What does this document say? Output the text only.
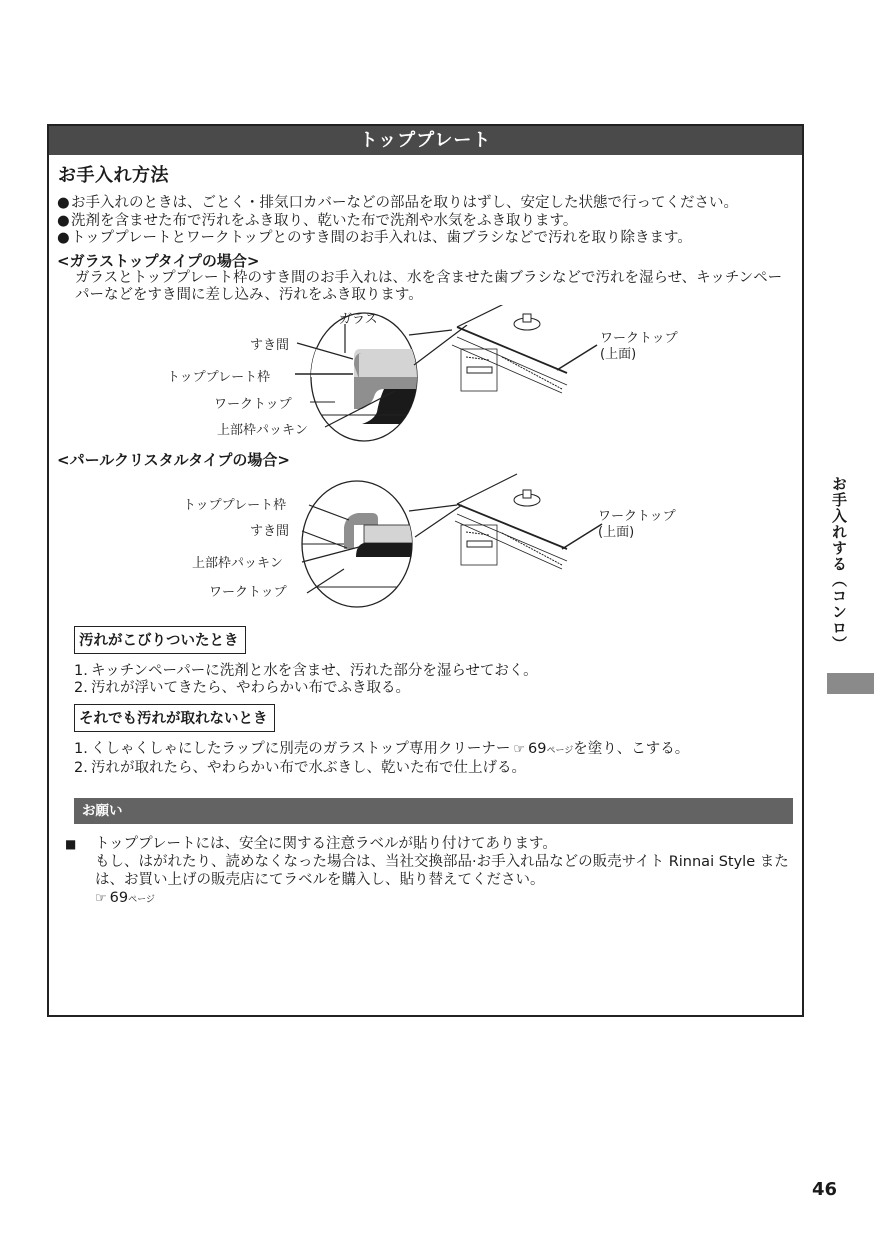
トッププレート
お手入れ方法

● お手入れのときは、ごとく・排気口カバーなどの部品を取りはずし、安定した状態で行ってください。

● 洗剤を含ませた布で汚れをふき取り、乾いた布で洗剤や水気をふき取ります。

● トッププレートとワークトップとのすき間のお手入れは、歯ブラシなどで汚れを取り除きます。

<ガラストップタイプの場合>
ガラスとトッププレート枠のすき間のお手入れは、水を含ませた歯ブラシなどで汚れを湿らせ、キッチンペーパーなどをすき間に差し込み、汚れをふき取ります。
ガラス
すき間
トッププレート枠
ワークトップ
上部枠パッキン
ワークトップ
(上面)
<パールクリスタルタイプの場合>
トッププレート枠
すき間
上部枠パッキン
ワークトップ
ワークトップ
(上面)
汚れがこびりついたとき
1. キッチンペーパーに洗剤と水を含ませ、汚れた部分を湿らせておく。
2. 汚れが浮いてきたら、やわらかい布でふき取る。
それでも汚れが取れないとき
1. くしゃくしゃにしたラップに別売のガラストップ専用クリーナー ☞ 69ページを塗り、こする。
2. 汚れが取れたら、やわらかい布で水ぶきし、乾いた布で仕上げる。
お願い
■ トッププレートには、安全に関する注意ラベルが貼り付けてあります。
もし、はがれたり、読めなくなった場合は、当社交換部品·お手入れ品などの販売サイト Rinnai Style または、お買い上げの販売店にてラベルを購入し、貼り替えてください。
☞ 69ページ
お手入れする（コンロ）
46
